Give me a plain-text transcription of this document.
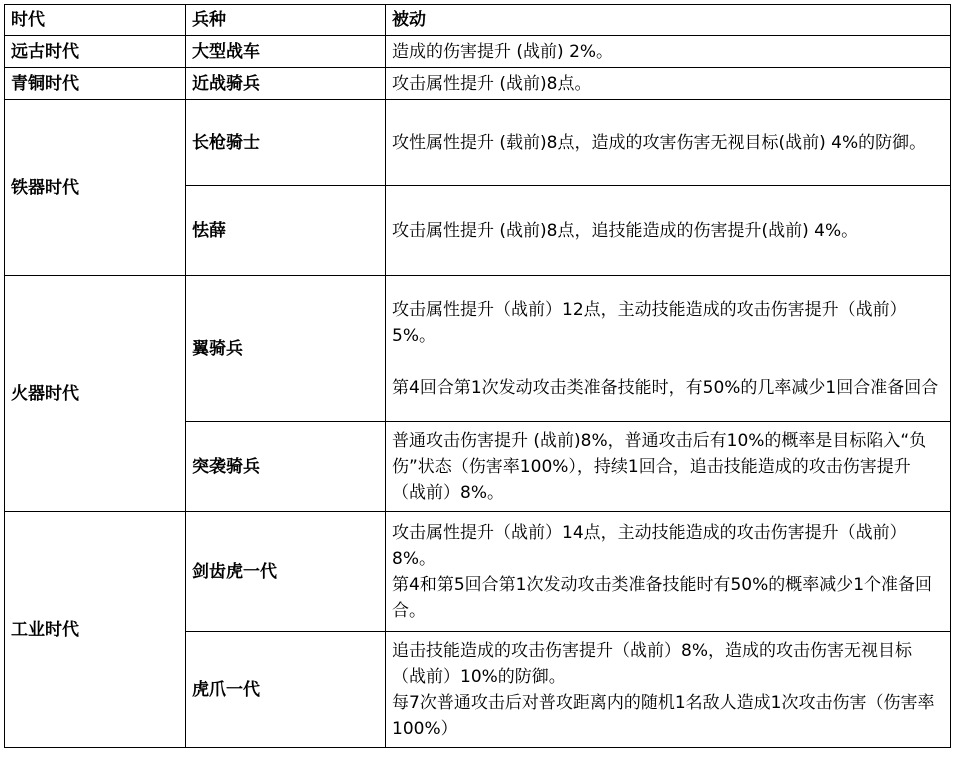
时代	兵种	被动
远古时代	大型战车	造成的伤害提升 (战前) 2%。
青铜时代	近战骑兵	攻击属性提升 (战前)8点。
铁器时代	长枪骑士	攻性属性提升 (载前)8点，造成的攻害伤害无视目标(战前) 4%的防御。
	怯薛	攻击属性提升 (战前)8点，追技能造成的伤害提升(战前) 4%。
火器时代	翼骑兵	攻击属性提升（战前）12点，主动技能造成的攻击伤害提升（战前）5%。

第4回合第1次发动攻击类准备技能时，有50%的几率减少1回合准备回合

	突袭骑兵	普通攻击伤害提升 (战前)8%，普通攻击后有10%的概率是目标陷入“负伤”状态（伤害率100%），持续1回合，追击技能造成的攻击伤害提升（战前）8%。
工业时代	剑齿虎一代	攻击属性提升（战前）14点，主动技能造成的攻击伤害提升（战前）8%。
第4和第5回合第1次发动攻击类准备技能时有50%的概率减少1个准备回合。

	虎爪一代	追击技能造成的攻击伤害提升（战前）8%，造成的攻击伤害无视目标（战前）10%的防御。
每7次普通攻击后对普攻距离内的随机1名敌人造成1次攻击伤害（伤害率100%）
